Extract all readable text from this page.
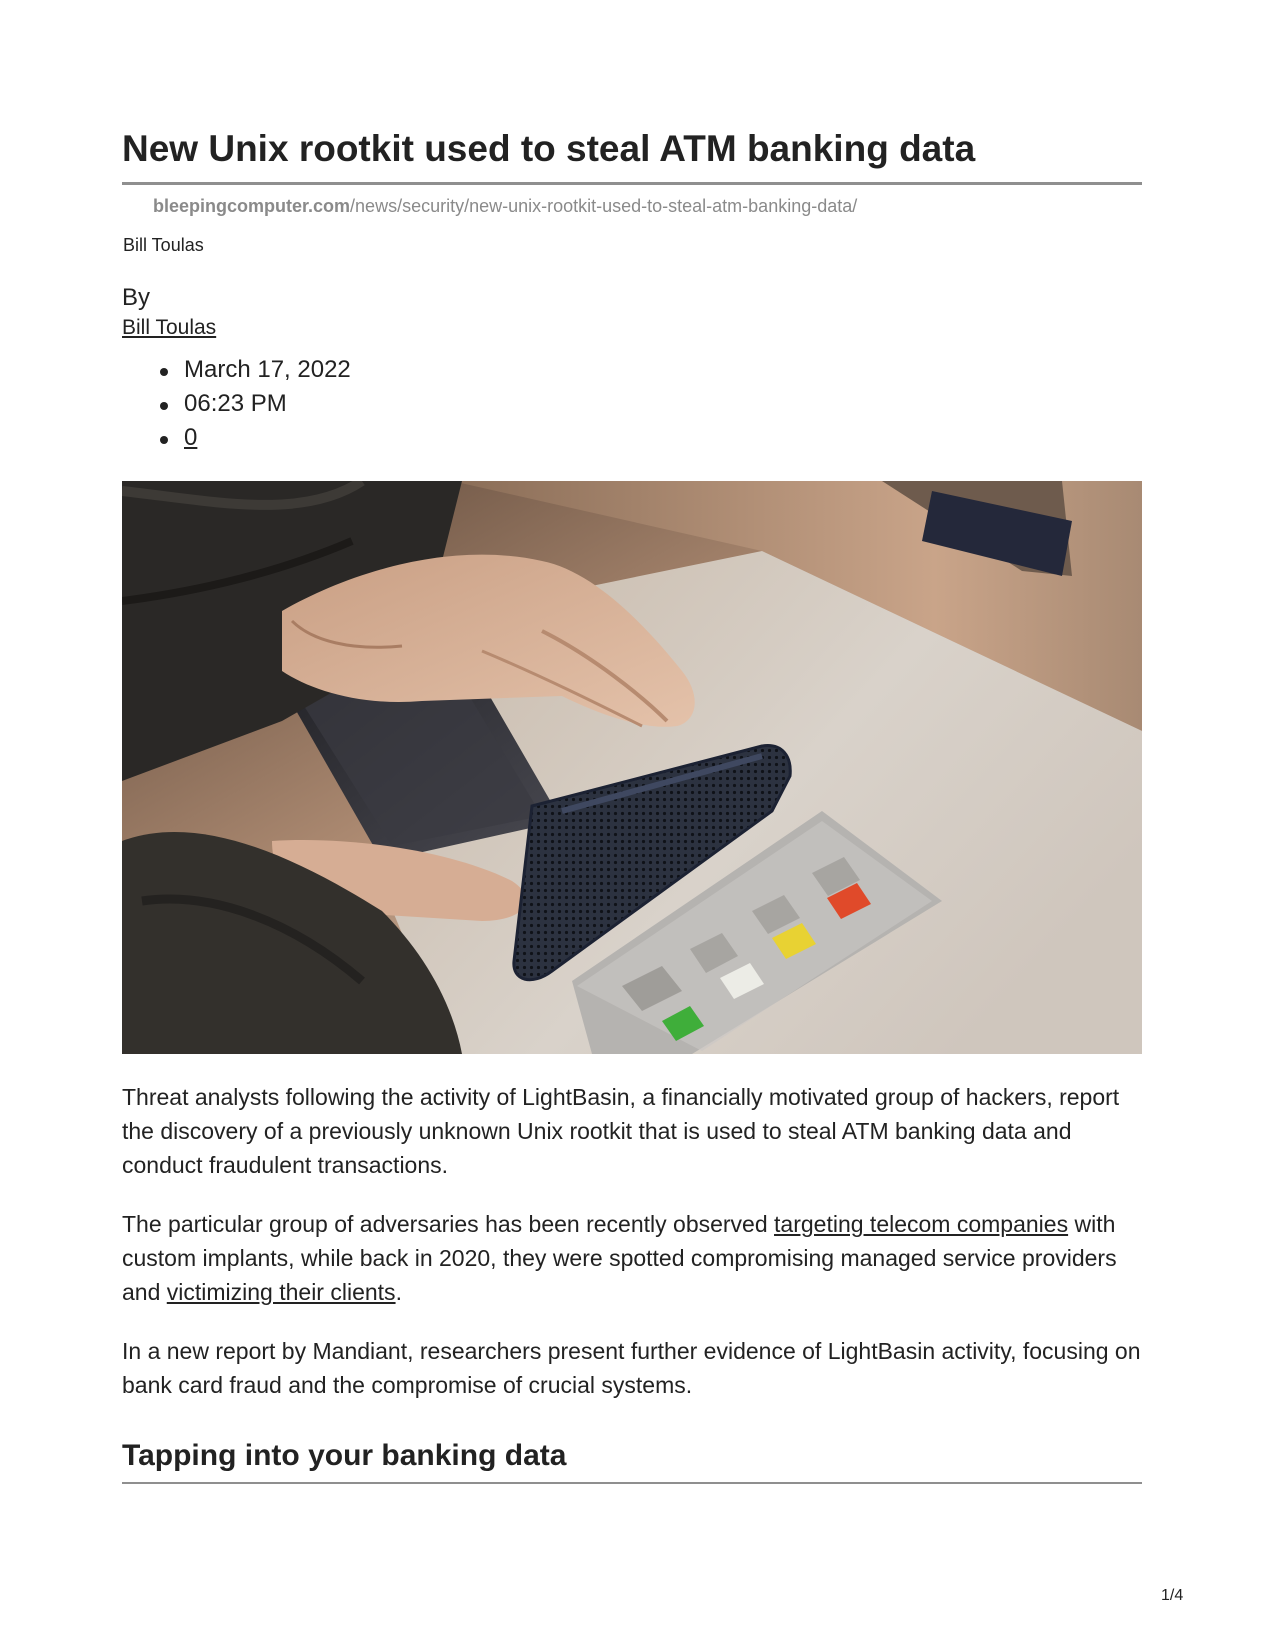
New Unix rootkit used to steal ATM banking data
bleepingcomputer.com/news/security/new-unix-rootkit-used-to-steal-atm-banking-data/
Bill Toulas
By
Bill Toulas
March 17, 2022
06:23 PM
0

Threat analysts following the activity of LightBasin, a financially motivated group of hackers, report the discovery of a previously unknown Unix rootkit that is used to steal ATM banking data and conduct fraudulent transactions.

The particular group of adversaries has been recently observed targeting telecom companies with custom implants, while back in 2020, they were spotted compromising managed service providers and victimizing their clients.

In a new report by Mandiant, researchers present further evidence of LightBasin activity, focusing on bank card fraud and the compromise of crucial systems.

Tapping into your banking data
1/4
